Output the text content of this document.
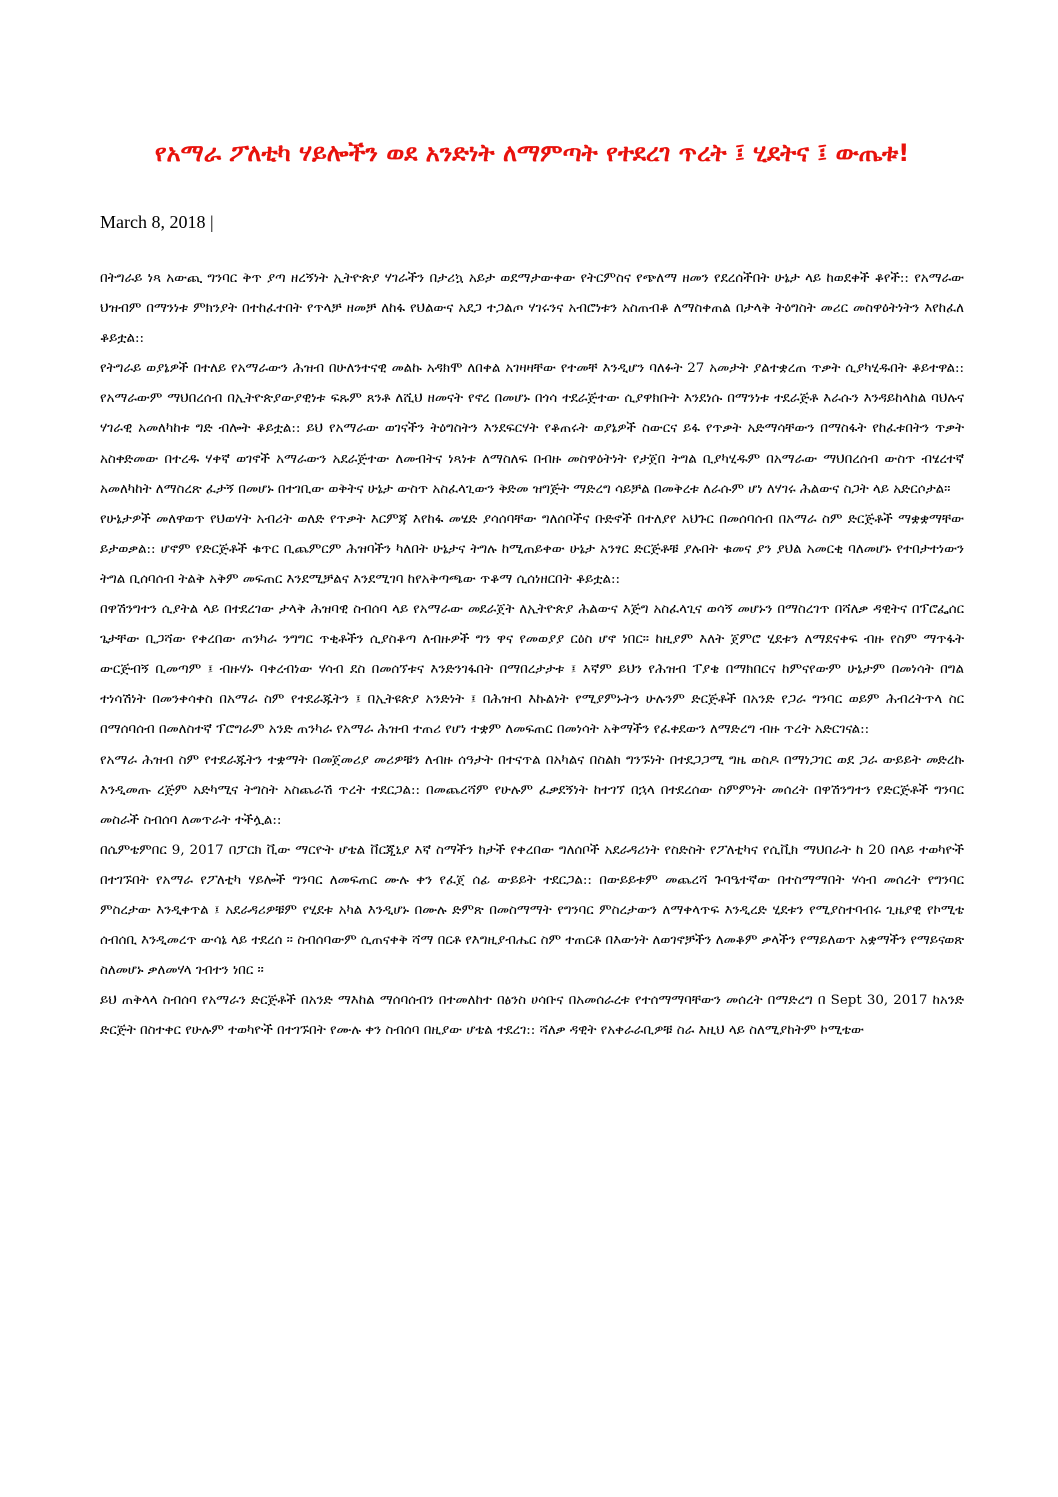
የአማራ ፖለቲካ ሃይሎችን ወደ አንድነት ለማምጣት የተደረገ ጥረት ፤ ሂደትና ፤ ውጤቱ!

March 8, 2018 |

በትግራይ ነጻ አውጪ ግንባር ቅጥ ያጣ ዘረኝነት ኢትዮጵያ ሃገራችን በታሪኳ አይታ ወደማታውቀው የትርምስና የጭለማ ዘመን የደረሰችበት ሁኔታ ላይ ከወደቀች ቆየች:: የአማራው ህዝብም በማንነቱ ምክንያት በተከፈተበት የጥላቻ ዘመቻ ለከፋ የህልውና አደጋ ተጋልጦ ሃገሩንና አብሮነቱን አስጠብቆ ለማስቀጠል በታላቅ ትዕግስት መሪር መስዋዕትነትን እየከፈለ ቆይቷል::

የትግራይ ወያኔዎች በተለይ የአማራውን ሕዝብ በሁለንተናዊ መልኩ አዳክሞ ለበቀል አገዛዛቸው የተመቸ እንዲሆን ባለፉት 27 አመታት ያልተቋረጠ ጥቃት ሲያካሂዱበት ቆይተዋል:: የአማራውም ማህበረሰብ በኢትዮጵያውያዊነቱ ፍጹም ጸንቶ ለሺህ ዘመናት የኖረ በመሆኑ በጎሳ ተደራጅተው ሲያዋክቡት እንደነሱ በማንነቱ ተደራጅቶ እራሱን እንዳይከላከል ባህሉና ሃገራዊ አመለካከቱ ግድ ብሎት ቆይቷል:: ይህ የአማራው ወገናችን ትዕግስትን እንደፍርሃት የቆጠሩት ወያኔዎች ስውርና ይፋ የጥቃት አድማሳቸውን በማስፋት የከፈቱበትን ጥቃት አስቀድመው በተረዱ ሃቀኛ ወገኖች አማራውን አደራጅተው ለመብትና ነጻነቱ ለማስለፍ በብዙ መስዋዕትነት የታጀበ ትግል ቢያካሂዱም በአማራው ማህበረሰብ ውስጥ ብሄረተኛ አመለካከት ለማስረጽ ፈታኝ በመሆኑ በተገቢው ወቅትና ሁኔታ ውስጥ አስፈላጊውን ቅድመ ዝግጅት ማድረግ ሳይቻል በመቅረቱ ለራሱም ሆነ ለሃገሩ ሕልውና ስጋት ላይ አድርሶታል።

የሁኔታዎች መለዋወጥ የህወሃት አብሪት ወለድ የጥቃት እርምጃ እየከፋ መሄድ ያሳሰባቸው ግለሰቦችና ቡድኖች በተለያየ አህጉር በመሰባሰብ በአማራ ስም ድርጅቶች ማቋቋማቸው ይታወቃል:: ሆኖም የድርጅቶች ቁጥር ቢጨምርም ሕዝባችን ካለበት ሁኔታና ትግሉ ከሚጠይቀው ሁኔታ አንፃር ድርጅቶቹ ያሉበት ቁመና ያን ያህል አመርቂ ባለመሆኑ የተበታተነውን ትግል ቢሰባሰብ ትልቅ አቅም መፍጠር እንደሚቻልና እንደሚገባ ከየአቅጣጫው ጥቆማ ሲሰነዘርበት ቆይቷል::

በዋሽንግተን ሲያትል ላይ በተደረገው ታላቅ ሕዝባዊ ስብሰባ ላይ የአማራው መደራጀት ለኢትዮጵያ ሕልውና እጅግ አስፈላጊና ወሳኝ መሆኑን በማስረገጥ በሻለቃ ዳዊትና በፕሮፌሰር ጌታቸው ቢጋሻው የቀረበው ጠንካራ ንግግር ጥቂቶችን ሲያስቆጣ ለብዙዎች ግን ዋና የመወያያ ርዕስ ሆኖ ነበር። ከዚያም እለት ጀምሮ ሂደቱን ለማደናቀፍ ብዙ የስም ማጥፋት ውርጅብኝ ቢመጣም ፤ ብዙሃኑ ባቀረብነው ሃሳብ ደስ በመሰኘቱና እንድንገፋበት በማበረታታቱ ፤ እኛም ይህን የሕዝብ ፐያቄ በማክበርና ከምናየውም ሁኔታም በመነሳት በግል ተነሳሽነት በመንቀሳቀስ በአማራ ስም የተደራጁትን ፤ በኢትዩጵያ አንድነት ፤ በሕዝብ እኩልነት የሚያምኑትን ሁሉንም ድርጅቶች በአንድ የጋራ ግንባር ወይም ሕብረትጥላ ስር በማሰባሰብ በመለስተኛ ፕሮግራም አንድ ጠንካራ የአማራ ሕዝብ ተጠሪ የሆነ ተቋም ለመፍጠር በመነሳት አቅማችን የፈቀደውን ለማድረግ ብዙ ጥረት አድርገናል::

የአማራ ሕዝብ ስም የተደራጁትን ተቋማት በመጀመሪያ መሪዎቹን ለብዙ ሰዓታት በተናጥል በአካልና በስልክ ግንኙነት በተደጋጋሚ ግዜ ወስዶ በማነጋገር ወደ ጋራ ውይይት መድረኩ እንዲመጡ ረጅም አድካሚና ትግስት አስጨራሽ ጥረት ተደርጋል:: በመጨረሻም የሁሉም ፈቃደኝነት ከተገኘ በኋላ በተደረሰው ስምምነት መሰረት በዋሽንግተን የድርጅቶች ግንባር መስራች ስብሰባ ለመጥራት ተችሏል::

በሴምቴምበር 9, 2017 በፓርክ ቪው ማርዮት ሆቴል ቨርጂኒያ እኛ ስማችን ከታች የቀረበው ግለሰቦች አደራዳሪነት የስድስት የፖለቲካና የሲቪክ ማህበራት ከ 20 በላይ ተወካዮች በተገኙበት የአማራ የፖለቲካ ሃይሎች ግንባር ለመፍጠር ሙሉ ቀን የፈጀ ሰፊ ውይይት ተደርጋል:: በውይይቱም መጨረሻ ጉባዔተኛው በተስማማበት ሃሳብ መሰረት የግንባር ምስረታው እንዲቀጥል ፤ አደራዳሪዎቹም የሂደቱ አካል እንዲሆኑ በሙሉ ድምጽ በመስማማት የግንባር ምስረታውን ለማቀላጥፍ እንዲረድ ሂደቱን የሚያስተባብሩ ጊዜያዊ የኮሚቴ ሰብሰቢ እንዲመረጥ ውሳኔ ላይ ተደረሰ ። ስብሰባውም ሲጠናቀቅ ሻማ በርቶ የእግዚያብሔር ስም ተጠርቶ በእውነት ለወገኖቻችን ለመቆም ቃላችን የማይለወጥ አቋማችን የማይናወጽ ስለመሆኑ ቃለመሃላ ገብተን ነበር ።

ይህ ጠቅላላ ስብሰባ የአማራን ድርጅቶች በአንድ ማእከል ማሰባሰብን በተመለከተ በፅንስ ሀሳቡና በአመሰራረቱ የተሰማማባቸውን መሰረት በማድረግ በ Sept 30, 2017 ከአንድ ድርጅት በስተቀር የሁሉም ተወካዮች በተገኙበት የሙሉ ቀን ስብሰባ በዚያው ሆቴል ተደረገ:: ሻለቃ ዳዊት የአቀራራቢዎቹ ስራ እዚህ ላይ ስለሚያከትም ኮሚቴው
